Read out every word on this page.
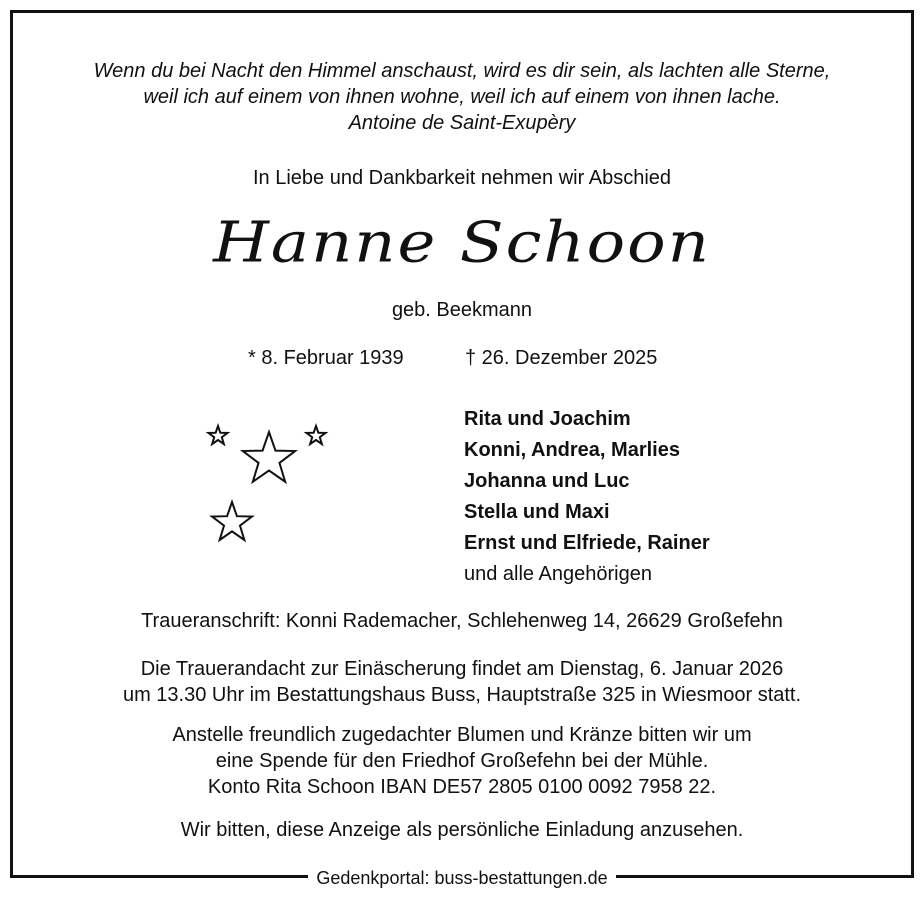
Wenn du bei Nacht den Himmel anschaust, wird es dir sein, als lachten alle Sterne,
weil ich auf einem von ihnen wohne, weil ich auf einem von ihnen lache.
Antoine de Saint-Exupèry
In Liebe und Dankbarkeit nehmen wir Abschied
Hanne Schoon
geb. Beekmann
* 8. Februar 1939	† 26. Dezember 2025
Rita und Joachim
Konni, Andrea, Marlies
Johanna und Luc
Stella und Maxi
Ernst und Elfriede, Rainer
und alle Angehörigen
Traueranschrift: Konni Rademacher, Schlehenweg 14, 26629 Großefehn
Die Trauerandacht zur Einäscherung findet am Dienstag, 6. Januar 2026
um 13.30 Uhr im Bestattungshaus Buss, Hauptstraße 325 in Wiesmoor statt.
Anstelle freundlich zugedachter Blumen und Kränze bitten wir um
eine Spende für den Friedhof Großefehn bei der Mühle.
Konto Rita Schoon IBAN DE57 2805 0100 0092 7958 22.
Wir bitten, diese Anzeige als persönliche Einladung anzusehen.
Gedenkportal: buss-bestattungen.de
